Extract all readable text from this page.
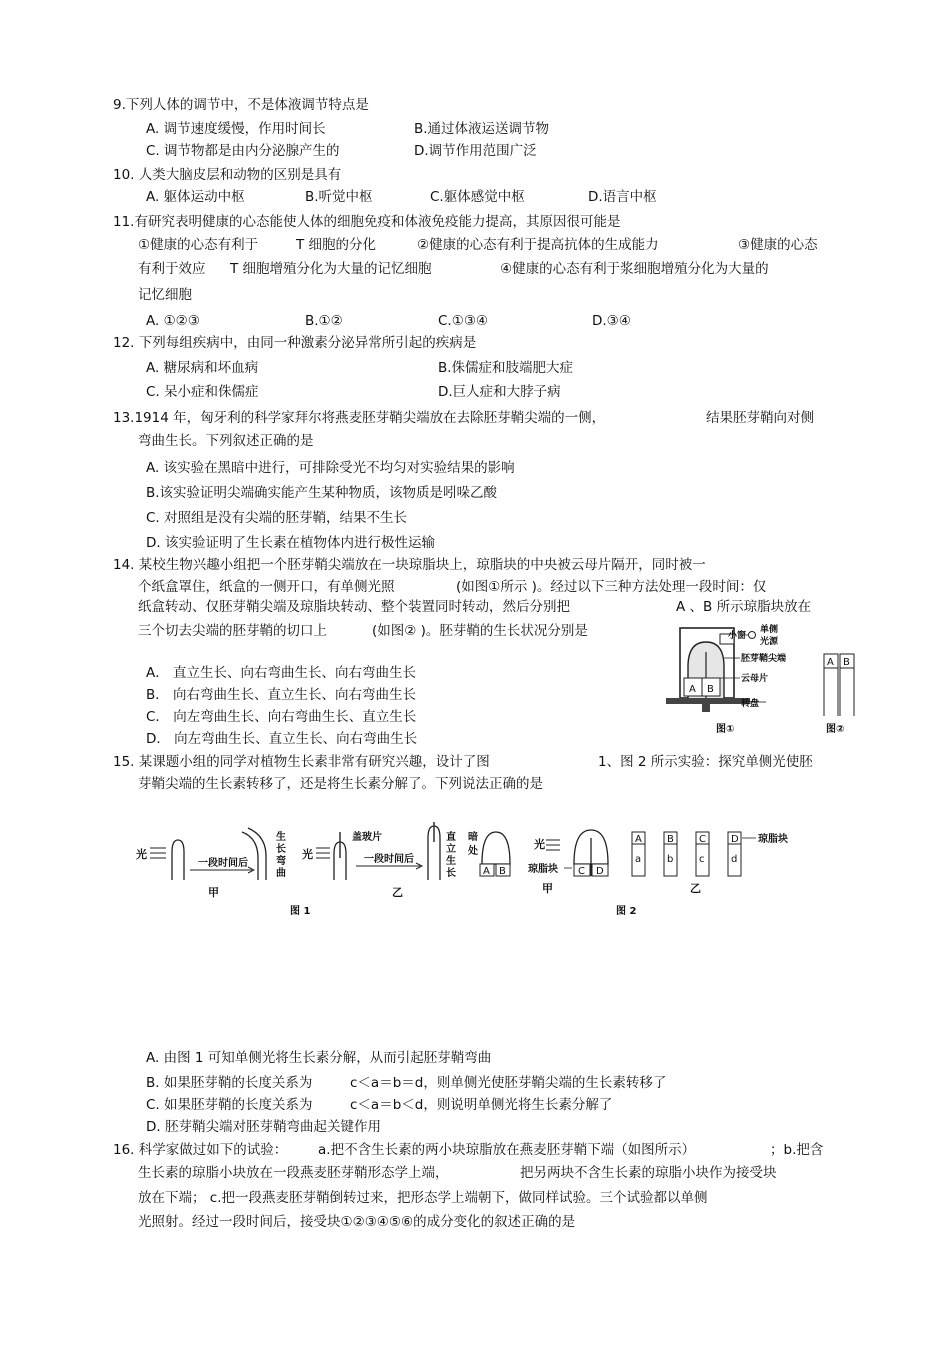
9.下列人体的调节中，不是体液调节特点是
A. 调节速度缓慢，作用时间长	B.通过体液运送调节物
C. 调节物都是由内分泌腺产生的	D.调节作用范围广泛
10. 人类大脑皮层和动物的区别是具有
A. 躯体运动中枢	B.听觉中枢	C.躯体感觉中枢	D.语言中枢
11.有研究表明健康的心态能使人体的细胞免疫和体液免疫能力提高，其原因很可能是
①健康的心态有利于	T 细胞的分化	②健康的心态有利于提高抗体的生成能力	③健康的心态
有利于效应 T 细胞增殖分化为大量的记忆细胞	④健康的心态有利于浆细胞增殖分化为大量的
记忆细胞
A. ①②③	B.①②	C.①③④	D.③④
12. 下列每组疾病中，由同一种激素分泌异常所引起的疾病是
A. 糖尿病和坏血病	B.侏儒症和肢端肥大症
C. 呆小症和侏儒症	D.巨人症和大脖子病
13.1914 年，匈牙利的科学家拜尔将燕麦胚芽鞘尖端放在去除胚芽鞘尖端的一侧，	结果胚芽鞘向对侧
弯曲生长。下列叙述正确的是
A. 该实验在黑暗中进行，可排除受光不均匀对实验结果的影响
B.该实验证明尖端确实能产生某种物质，该物质是吲哚乙酸
C. 对照组是没有尖端的胚芽鞘，结果不生长
D. 该实验证明了生长素在植物体内进行极性运输
14. 某校生物兴趣小组把一个胚芽鞘尖端放在一块琼脂块上，琼脂块的中央被云母片隔开，同时被一
个纸盒罩住，纸盒的一侧开口，有单侧光照	(如图①所示 )。经过以下三种方法处理一段时间：仅
纸盒转动、仅胚芽鞘尖端及琼脂块转动、整个装置同时转动，然后分别把	A 、B 所示琼脂块放在
三个切去尖端的胚芽鞘的切口上	(如图② )。胚芽鞘的生长状况分别是
A． 直立生长、向右弯曲生长、向右弯曲生长
B． 向右弯曲生长、直立生长、向右弯曲生长
C． 向左弯曲生长、向右弯曲生长、直立生长
D． 向左弯曲生长、直立生长、向右弯曲生长
A B
小窗
单侧
光源
胚芽鞘尖端
云母片
转盘
图①
A B
图②
15. 某课题小组的同学对植物生长素非常有研究兴趣，设计了图	1、图 2 所示实验：探究单侧光使胚
芽鞘尖端的生长素转移了，还是将生长素分解了。下列说法正确的是
光
一段时间后
生
长
弯
曲
甲
光
盖玻片
一段时间后
直
立
生
长
乙
图 1
暗
处
A B
光
琼脂块 C D
甲
A
a
B
b
C
c
D
d
琼脂块
乙
图 2
A. 由图 1 可知单侧光将生长素分解，从而引起胚芽鞘弯曲
B. 如果胚芽鞘的长度关系为	c＜a＝b＝d，则单侧光使胚芽鞘尖端的生长素转移了
C. 如果胚芽鞘的长度关系为	c＜a＝b＜d，则说明单侧光将生长素分解了
D. 胚芽鞘尖端对胚芽鞘弯曲起关键作用
16. 科学家做过如下的试验： a.把不含生长素的两小块琼脂放在燕麦胚芽鞘下端（如图所示）	；b.把含
生长素的琼脂小块放在一段燕麦胚芽鞘形态学上端，	把另两块不含生长素的琼脂小块作为接受块
放在下端； c.把一段燕麦胚芽鞘倒转过来，把形态学上端朝下，做同样试验。三个试验都以单侧
光照射。经过一段时间后，接受块①②③④⑤⑥的成分变化的叙述正确的是
